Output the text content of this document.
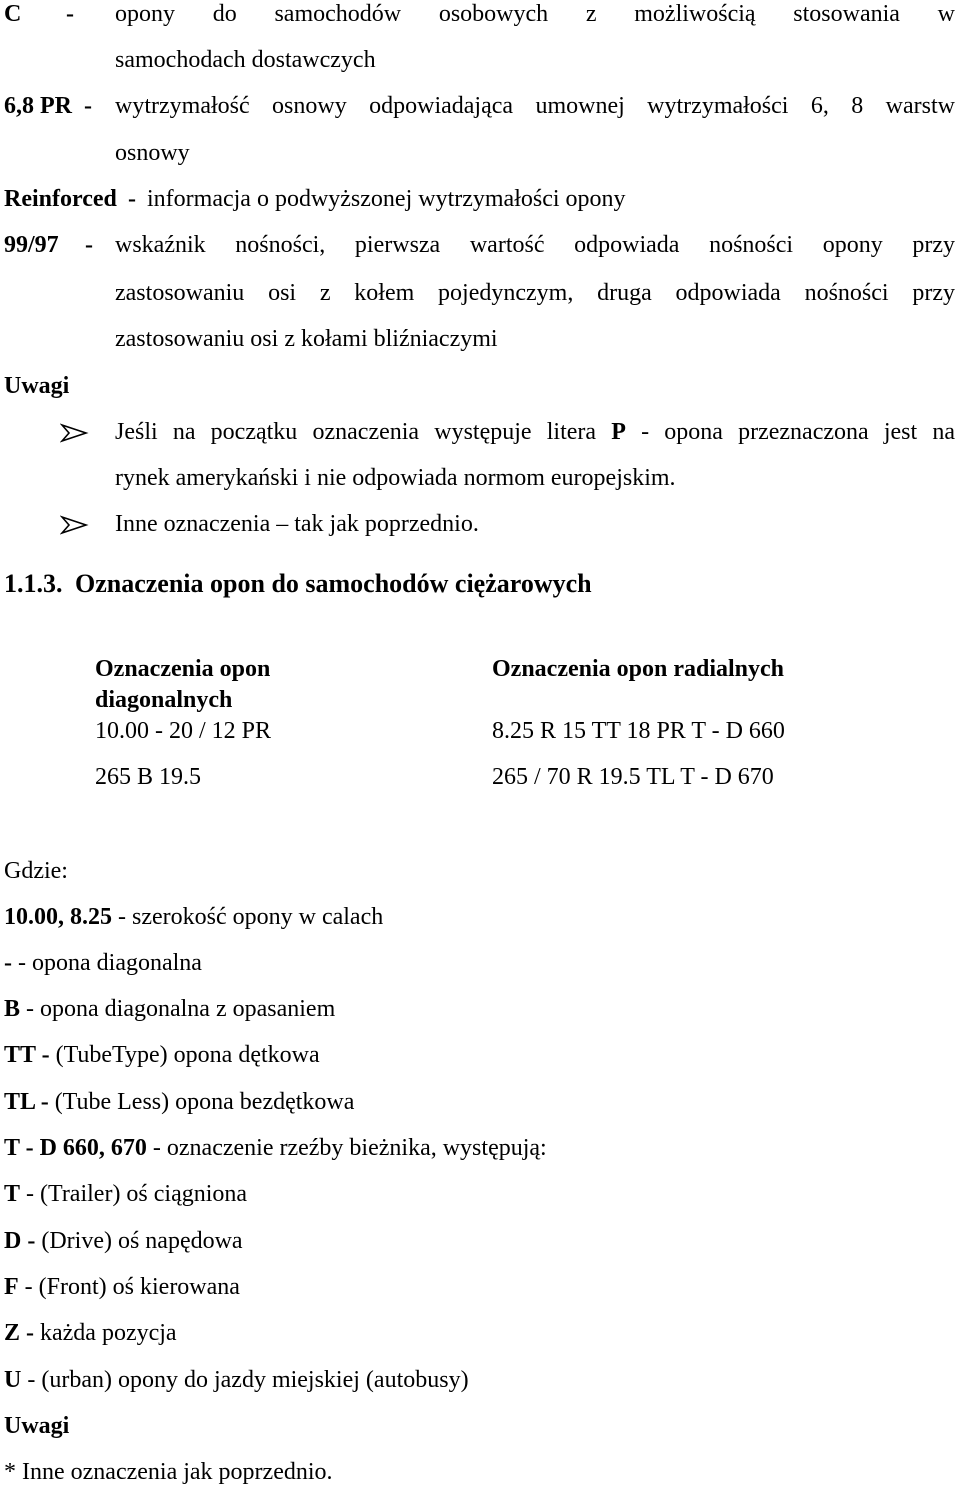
C - opony do samochodów osobowych z możliwością stosowania w
samochodach dostawczych
6,8 PR - wytrzymałość osnowy odpowiadająca umownej wytrzymałości 6, 8 warstw
osnowy
Reinforced - informacja o podwyższonej wytrzymałości opony
99/97 - wskaźnik nośności, pierwsza wartość odpowiada nośności opony przy
zastosowaniu osi z kołem pojedynczym, druga odpowiada nośności przy
zastosowaniu osi z kołami bliźniaczymi
Uwagi
Jeśli na początku oznaczenia występuje litera P - opona przeznaczona jest na
rynek amerykański i nie odpowiada normom europejskim.
Inne oznaczenia – tak jak poprzednio.
1.1.3. Oznaczenia opon do samochodów ciężarowych
Oznaczenia opon
diagonalnych
Oznaczenia opon radialnych
10.00 - 20 / 12 PR	8.25 R 15 TT 18 PR T - D 660
265 B 19.5	265 / 70 R 19.5 TL T - D 670
Gdzie:
10.00, 8.25 - szerokość opony w calach
- - opona diagonalna
B - opona diagonalna z opasaniem
TT - (TubeType) opona dętkowa
TL - (Tube Less) opona bezdętkowa
T - D 660, 670 - oznaczenie rzeźby bieżnika, występują:
T - (Trailer) oś ciągniona
D - (Drive) oś napędowa
F - (Front) oś kierowana
Z - każda pozycja
U - (urban) opony do jazdy miejskiej (autobusy)
Uwagi
* Inne oznaczenia jak poprzednio.
